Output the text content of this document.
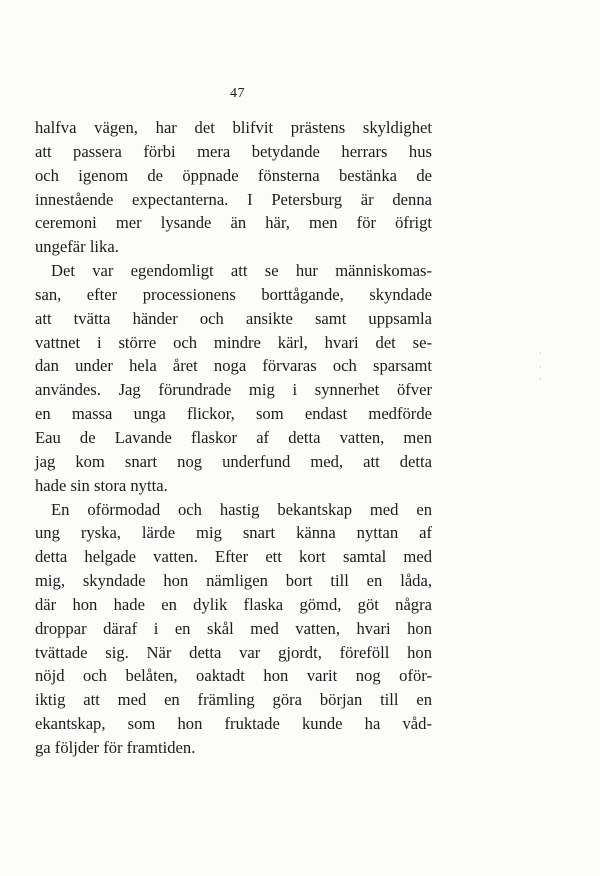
47
halfva vägen, har det blifvit prästens skyldighet
att passera förbi mera betydande herrars hus
och igenom de öppnade fönsterna bestänka de
innestående expectanterna. I Petersburg är denna
ceremoni mer lysande än här, men för öfrigt
ungefär lika.
Det var egendomligt att se hur människomas-
san, efter processionens borttågande, skyndade
att tvätta händer och ansikte samt uppsamla
vattnet i större och mindre kärl, hvari det se-
dan under hela året noga förvaras och sparsamt
användes. Jag förundrade mig i synnerhet öfver
en massa unga flickor, som endast medförde
Eau de Lavande flaskor af detta vatten, men
jag kom snart nog underfund med, att detta
hade sin stora nytta.
En oförmodad och hastig bekantskap med en
ung ryska, lärde mig snart känna nyttan af
detta helgade vatten. Efter ett kort samtal med
mig, skyndade hon nämligen bort till en låda,
där hon hade en dylik flaska gömd, göt några
droppar däraf i en skål med vatten, hvari hon
tvättade sig. När detta var gjordt, föreföll hon
nöjd och belåten, oaktadt hon varit nog oför-
iktig att med en främling göra början till en
ekantskap, som hon fruktade kunde ha våd-
ga följder för framtiden.
